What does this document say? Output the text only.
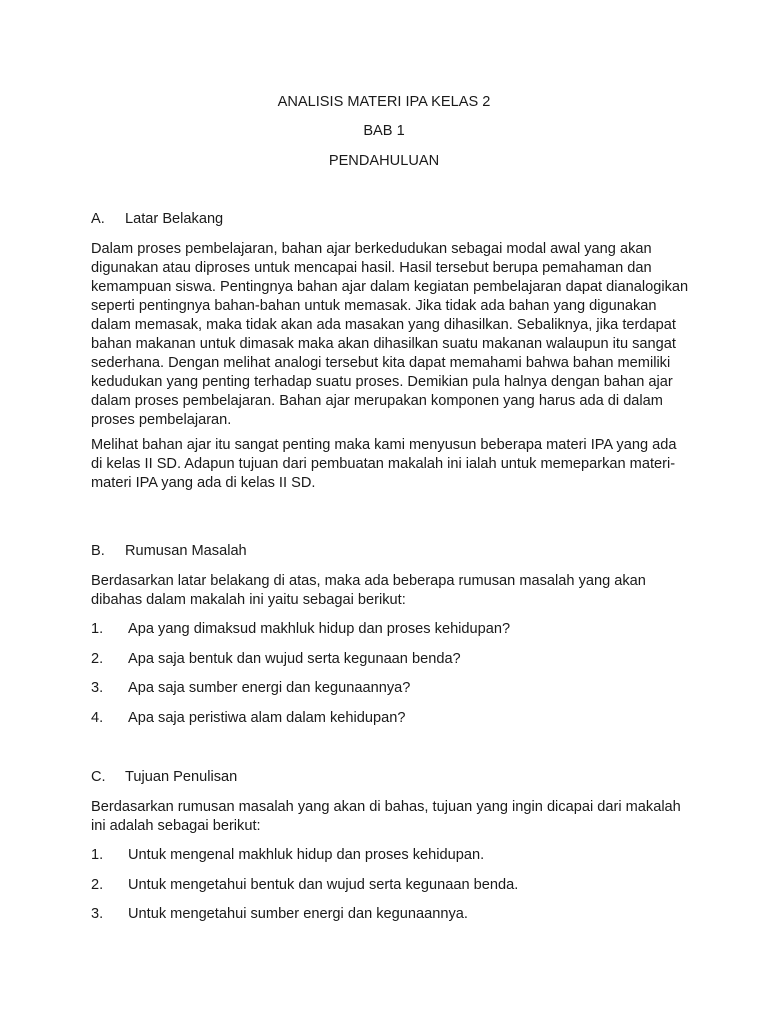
ANALISIS MATERI IPA KELAS 2
BAB 1
PENDAHULUAN
A.	Latar Belakang

Dalam proses pembelajaran, bahan ajar berkedudukan sebagai modal awal yang akan digunakan atau diproses untuk mencapai hasil. Hasil tersebut berupa pemahaman dan kemampuan siswa. Pentingnya bahan ajar dalam kegiatan pembelajaran dapat dianalogikan seperti pentingnya bahan-bahan untuk memasak. Jika tidak ada bahan yang digunakan dalam memasak, maka tidak akan ada masakan yang dihasilkan. Sebaliknya, jika terdapat bahan makanan untuk dimasak maka akan dihasilkan suatu makanan walaupun itu sangat sederhana. Dengan melihat analogi tersebut kita dapat memahami bahwa bahan memiliki kedudukan yang penting terhadap suatu proses. Demikian pula halnya dengan bahan ajar dalam proses pembelajaran. Bahan ajar merupakan komponen yang harus ada di dalam proses pembelajaran.

Melihat bahan ajar itu sangat penting maka kami menyusun beberapa materi IPA yang ada di kelas II SD. Adapun tujuan dari pembuatan makalah ini ialah untuk memeparkan materi-materi IPA yang ada di kelas II SD.

B.	Rumusan Masalah

Berdasarkan latar belakang di atas, maka ada beberapa rumusan masalah yang akan dibahas dalam makalah ini yaitu sebagai berikut:

1.	Apa yang dimaksud makhluk hidup dan proses kehidupan?
2.	Apa saja bentuk dan wujud serta kegunaan benda?
3.	Apa saja sumber energi dan kegunaannya?
4.	Apa saja peristiwa alam dalam kehidupan?
C.	Tujuan Penulisan

Berdasarkan rumusan masalah yang akan di bahas, tujuan yang ingin dicapai dari makalah ini adalah sebagai berikut:

1.	Untuk mengenal makhluk hidup dan proses kehidupan.
2.	Untuk mengetahui bentuk dan wujud serta kegunaan benda.
3.	Untuk mengetahui sumber energi dan kegunaannya.
